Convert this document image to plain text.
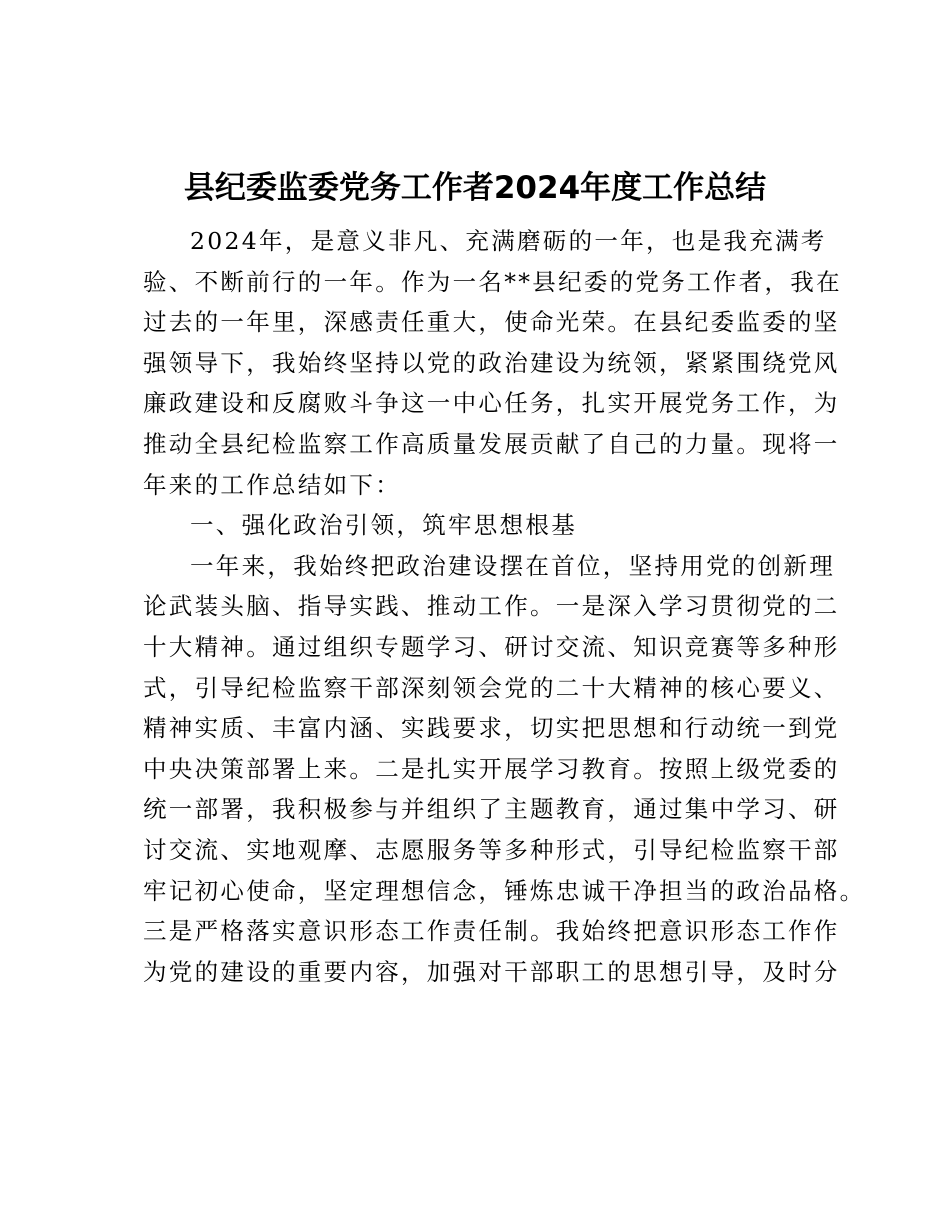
县纪委监委党务工作者2024年度工作总结
2024年，是意义非凡、充满磨砺的一年，也是我充满考
验、不断前行的一年。作为一名**县纪委的党务工作者，我在
过去的一年里，深感责任重大，使命光荣。在县纪委监委的坚
强领导下，我始终坚持以党的政治建设为统领，紧紧围绕党风
廉政建设和反腐败斗争这一中心任务，扎实开展党务工作，为
推动全县纪检监察工作高质量发展贡献了自己的力量。现将一
年来的工作总结如下：
一、强化政治引领，筑牢思想根基
一年来，我始终把政治建设摆在首位，坚持用党的创新理
论武装头脑、指导实践、推动工作。一是深入学习贯彻党的二
十大精神。通过组织专题学习、研讨交流、知识竞赛等多种形
式，引导纪检监察干部深刻领会党的二十大精神的核心要义、
精神实质、丰富内涵、实践要求，切实把思想和行动统一到党
中央决策部署上来。二是扎实开展学习教育。按照上级党委的
统一部署，我积极参与并组织了主题教育，通过集中学习、研
讨交流、实地观摩、志愿服务等多种形式，引导纪检监察干部
牢记初心使命，坚定理想信念，锤炼忠诚干净担当的政治品格。
三是严格落实意识形态工作责任制。我始终把意识形态工作作
为党的建设的重要内容，加强对干部职工的思想引导，及时分
